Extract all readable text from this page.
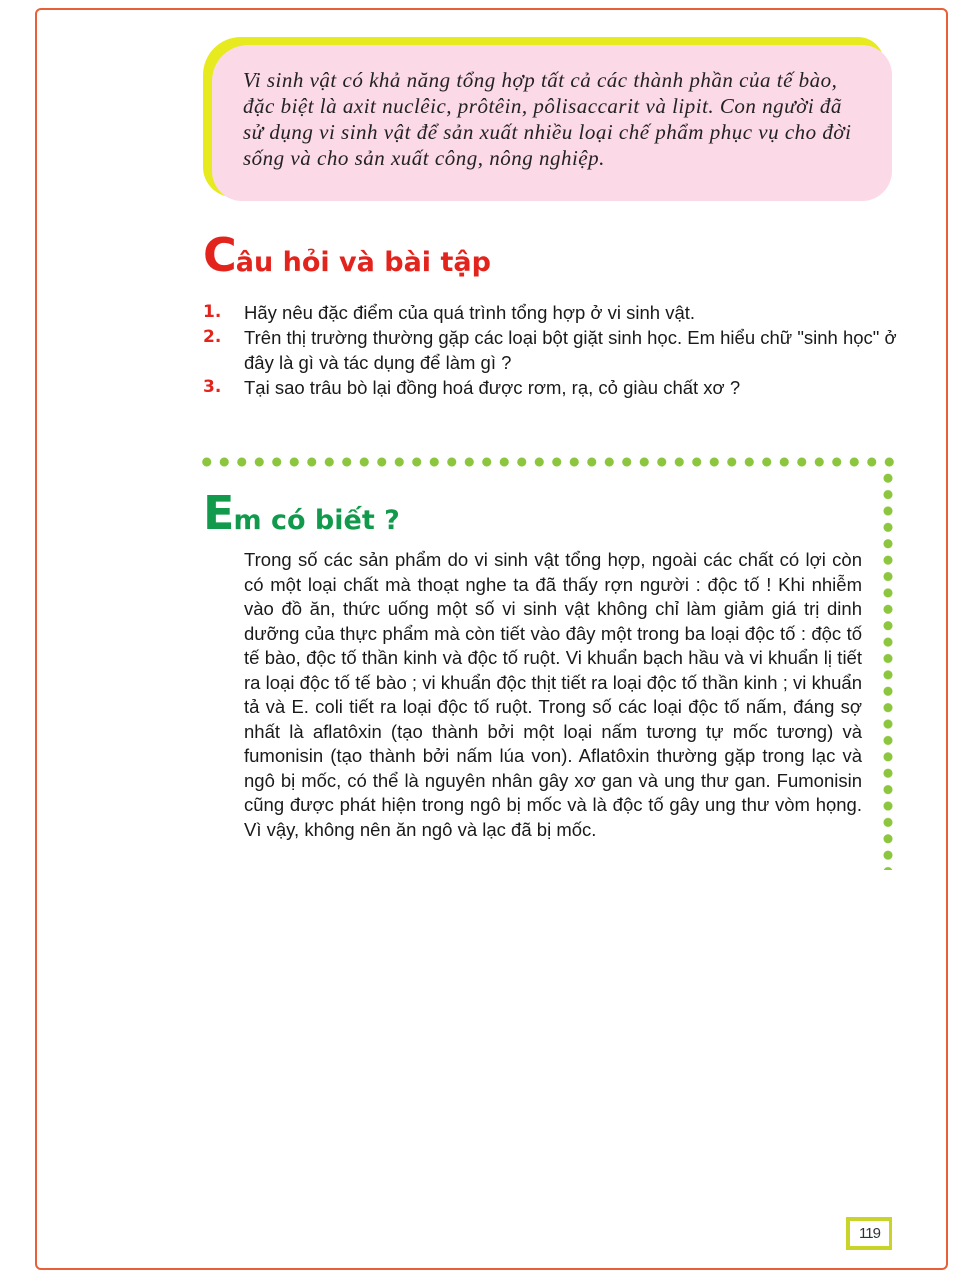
Vi sinh vật có khả năng tổng hợp tất cả các thành phần của tế bào, đặc biệt là axit nuclêic, prôtêin, pôlisaccarit và lipit. Con người đã sử dụng vi sinh vật để sản xuất nhiều loại chế phẩm phục vụ cho đời sống và cho sản xuất công, nông nghiệp.

Câu hỏi và bài tập
1.	Hãy nêu đặc điểm của quá trình tổng hợp ở vi sinh vật.
2.	Trên thị trường thường gặp các loại bột giặt sinh học. Em hiểu chữ "sinh học" ở đây là gì và tác dụng để làm gì ?
3.	Tại sao trâu bò lại đồng hoá được rơm, rạ, cỏ giàu chất xơ ?
Em có biết ?

Trong số các sản phẩm do vi sinh vật tổng hợp, ngoài các chất có lợi còn có một loại chất mà thoạt nghe ta đã thấy rợn người : độc tố ! Khi nhiễm vào đồ ăn, thức uống một số vi sinh vật không chỉ làm giảm giá trị dinh dưỡng của thực phẩm mà còn tiết vào đây một trong ba loại độc tố : độc tố tế bào, độc tố thần kinh và độc tố ruột. Vi khuẩn bạch hầu và vi khuẩn lị tiết ra loại độc tố tế bào ; vi khuẩn độc thịt tiết ra loại độc tố thần kinh ; vi khuẩn tả và E. coli tiết ra loại độc tố ruột. Trong số các loại độc tố nấm, đáng sợ nhất là aflatôxin (tạo thành bởi một loại nấm tương tự mốc tương) và fumonisin (tạo thành bởi nấm lúa von). Aflatôxin thường gặp trong lạc và ngô bị mốc, có thể là nguyên nhân gây xơ gan và ung thư gan. Fumonisin cũng được phát hiện trong ngô bị mốc và là độc tố gây ung thư vòm họng. Vì vậy, không nên ăn ngô và lạc đã bị mốc.

119
